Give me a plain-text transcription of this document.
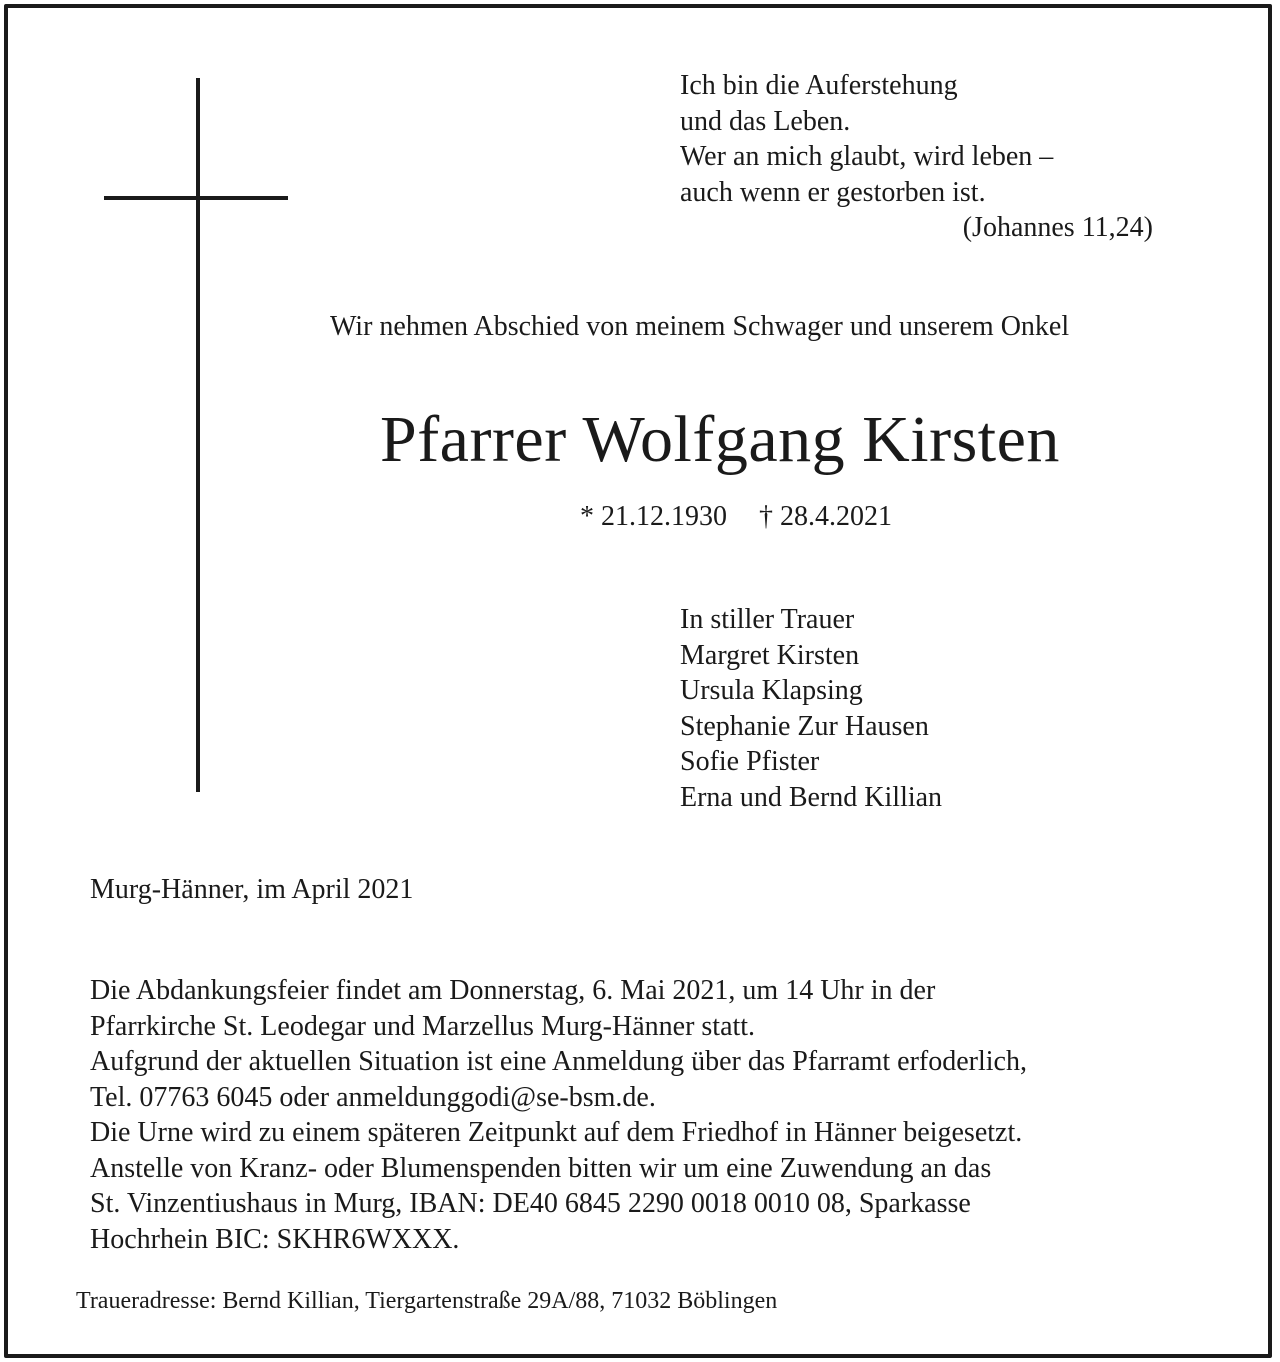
Ich bin die Auferstehung
und das Leben.
Wer an mich glaubt, wird leben –
auch wenn er gestorben ist.
(Johannes 11,24)
Wir nehmen Abschied von meinem Schwager und unserem Onkel
Pfarrer Wolfgang Kirsten
* 21.12.1930 † 28.4.2021
In stiller Trauer
Margret Kirsten
Ursula Klapsing
Stephanie Zur Hausen
Sofie Pfister
Erna und Bernd Killian
Murg-Hänner, im April 2021
Die Abdankungsfeier findet am Donnerstag, 6. Mai 2021, um 14 Uhr in der
Pfarrkirche St. Leodegar und Marzellus Murg-Hänner statt.
Aufgrund der aktuellen Situation ist eine Anmeldung über das Pfarramt erfoderlich,
Tel. 07763 6045 oder anmeldunggodi@se-bsm.de.
Die Urne wird zu einem späteren Zeitpunkt auf dem Friedhof in Hänner beigesetzt.
Anstelle von Kranz- oder Blumenspenden bitten wir um eine Zuwendung an das
St. Vinzentiushaus in Murg, IBAN: DE40 6845 2290 0018 0010 08, Sparkasse
Hochrhein BIC: SKHR6WXXX.
Traueradresse: Bernd Killian, Tiergartenstraße 29A/88, 71032 Böblingen
